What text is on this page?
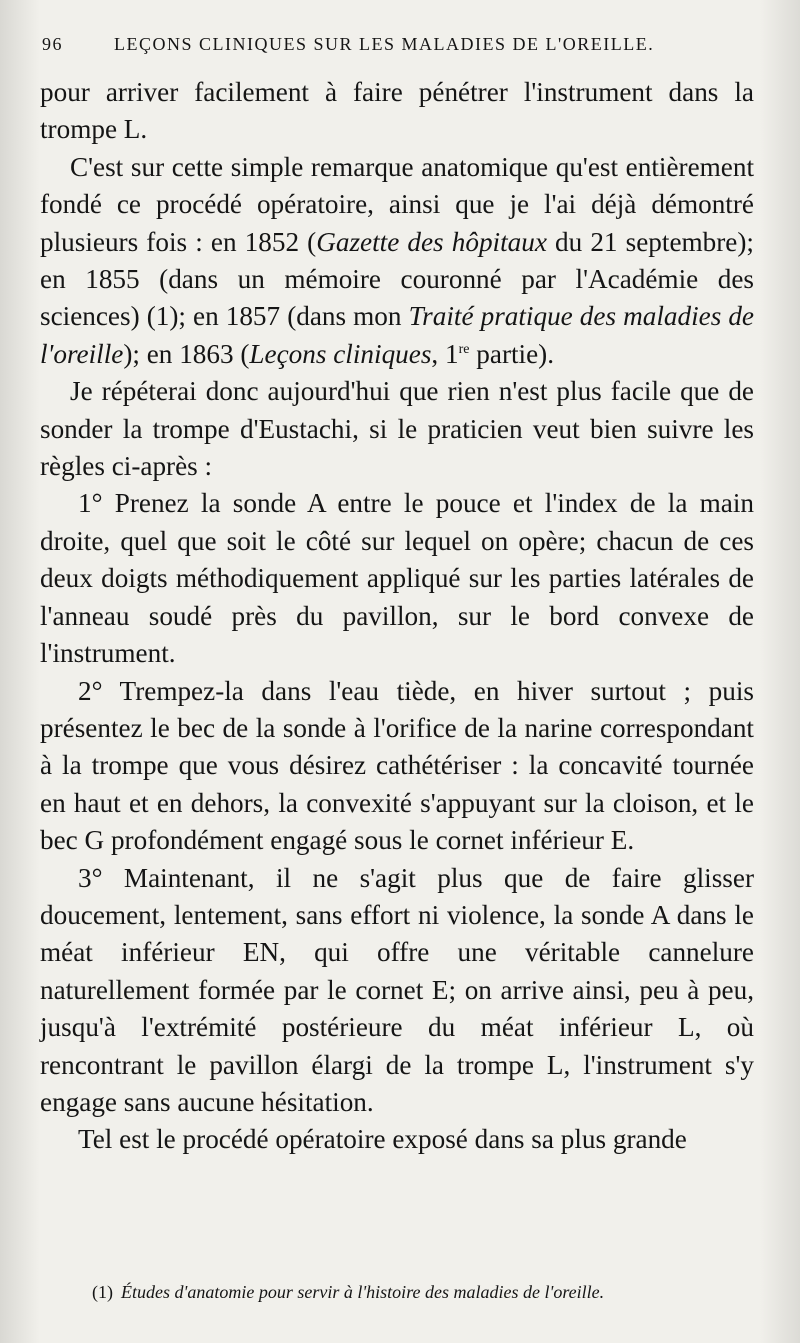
96	LEÇONS CLINIQUES SUR LES MALADIES DE L'OREILLE.

pour arriver facilement à faire pénétrer l'instrument dans la trompe L.

C'est sur cette simple remarque anatomique qu'est entièrement fondé ce procédé opératoire, ainsi que je l'ai déjà démontré plusieurs fois : en 1852 (Gazette des hôpitaux du 21 septembre); en 1855 (dans un mémoire couronné par l'Académie des sciences) (1); en 1857 (dans mon Traité pratique des maladies de l'oreille); en 1863 (Leçons cliniques, 1re partie).

Je répéterai donc aujourd'hui que rien n'est plus facile que de sonder la trompe d'Eustachi, si le praticien veut bien suivre les règles ci-après :

1° Prenez la sonde A entre le pouce et l'index de la main droite, quel que soit le côté sur lequel on opère; chacun de ces deux doigts méthodiquement appliqué sur les parties latérales de l'anneau soudé près du pavillon, sur le bord convexe de l'instrument.

2° Trempez-la dans l'eau tiède, en hiver surtout ; puis présentez le bec de la sonde à l'orifice de la narine correspondant à la trompe que vous désirez cathétériser : la concavité tournée en haut et en dehors, la convexité s'appuyant sur la cloison, et le bec G profondément engagé sous le cornet inférieur E.

3° Maintenant, il ne s'agit plus que de faire glisser doucement, lentement, sans effort ni violence, la sonde A dans le méat inférieur EN, qui offre une véritable cannelure naturellement formée par le cornet E; on arrive ainsi, peu à peu, jusqu'à l'extrémité postérieure du méat inférieur L, où rencontrant le pavillon élargi de la trompe L, l'instrument s'y engage sans aucune hésitation.

Tel est le procédé opératoire exposé dans sa plus grande

(1) Études d'anatomie pour servir à l'histoire des maladies de l'oreille.
